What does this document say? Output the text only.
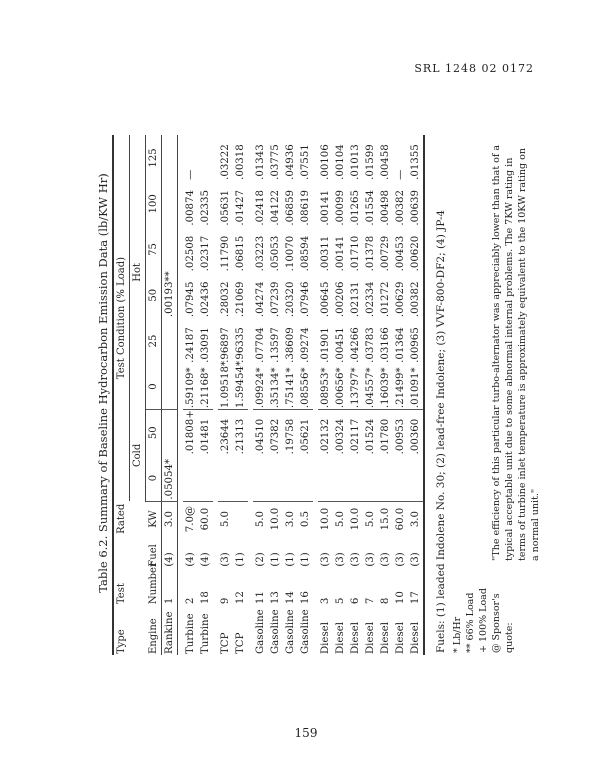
SRL 1248 02 0172
Table 6.2. Summary of Baseline Hydrocarbon Emission Data (lb/KW Hr)
Type	Test		Rated	Test Condition (% Load)							
				Cold		Hot					
Engine	Number	Fuel	KW	0	50	0	25	50	75	100	125
Rankine	1	(4)	3.0	.05054*				.00193**			

Turbine	2	(4)	7.0@		.01808+	.59109*	.24187	.07945	.02508	.00874	—
Turbine	18	(4)	60.0		.01481	.21168*	.03091	.02436	.02317	.02335	

TCP	9	(3)	5.0		.23644	1.09518*	.96897	.28032	.11790	.05631	.03222
TCP	12	(1)			.21313	1.59454*	.96335	.21069	.06815	.01427	.00318

Gasoline	11	(2)	5.0		.04510	.09924*	.07704	.04274	.03223	.02418	.01343
Gasoline	13	(1)	10.0		.07382	.35134*	.13597	.07239	.05053	.04122	.03775
Gasoline	14	(1)	3.0		.19758	.75141*	.38609	.20320	.10070	.06859	.04936
Gasoline	16	(1)	0.5		.05621	.08556*	.09274	.07946	.08594	.08619	.07551

Diesel	3	(3)	10.0		.02132	.08953*	.01901	.00645	.00311	.00141	.00106
Diesel	5	(3)	5.0		.00324	.00656*	.00451	.00206	.00141	.00099	.00104
Diesel	6	(3)	10.0		.02117	.13797*	.04266	.02131	.01710	.01265	.01013
Diesel	7	(3)	5.0		.01524	.04557*	.03783	.02334	.01378	.01554	.01599
Diesel	8	(3)	15.0		.01780	.16039*	.03166	.01272	.00729	.00498	.00458
Diesel	10	(3)	60.0		.00953	.21499*	.01364	.00629	.00453	.00382	—
Diesel	17	(3)	3.0		.00360	.01091*	.00965	.00382	.00620	.00639	.01355
Fuels: (1) leaded Indolene No. 30; (2) lead-free Indolene; (3) VVF-800-DF2; (4) JP-4 * Lb/Hr ** 66% Load + 100% Load @ Sponsor's quote:
"The efficiency of this particular turbo-alternator was appreciably lower than that of a typical acceptable unit due to some abnormal internal problems. The 7KW rating in terms of turbine inlet temperature is approximately equivalent to the 10KW rating on a normal unit."
159
